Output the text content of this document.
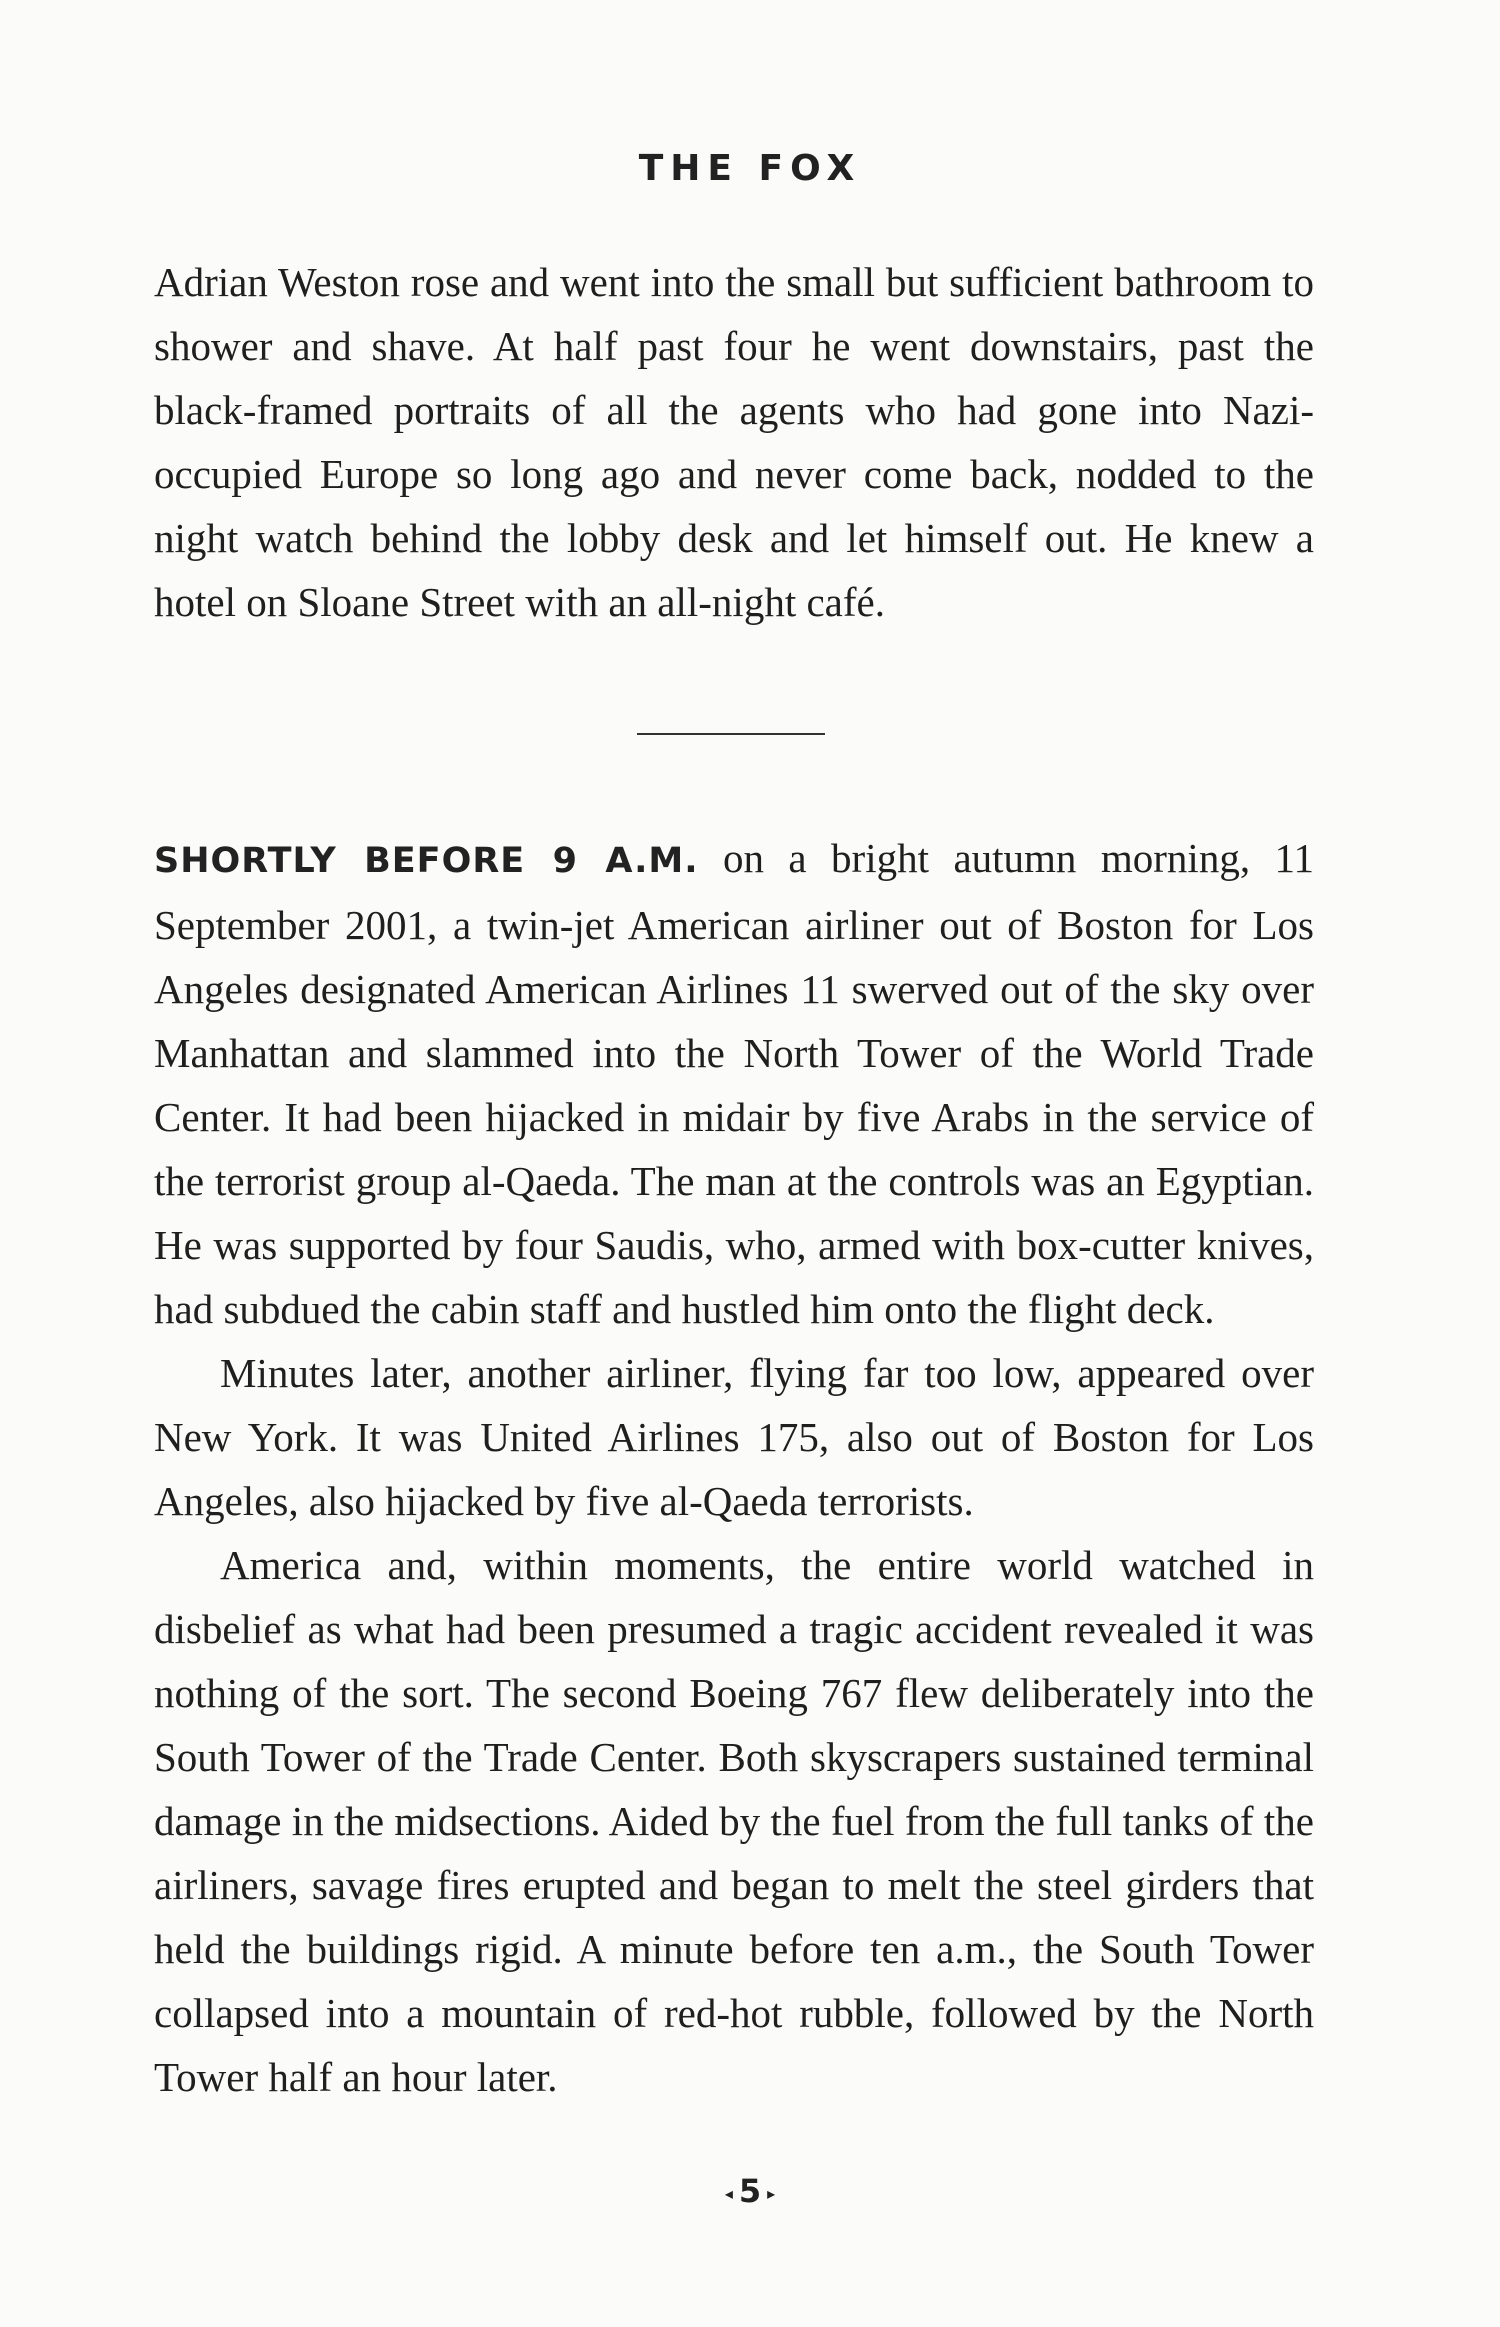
THE FOX

Adrian Weston rose and went into the small but sufficient bathroom to shower and shave. At half past four he went downstairs, past the black-framed portraits of all the agents who had gone into Nazi-occupied Europe so long ago and never come back, nodded to the night watch behind the lobby desk and let himself out. He knew a hotel on Sloane Street with an all-night café.

SHORTLY BEFORE 9 A.M. on a bright autumn morning, 11 September 2001, a twin-jet American airliner out of Boston for Los Angeles designated American Airlines 11 swerved out of the sky over Manhattan and slammed into the North Tower of the World Trade Center. It had been hijacked in midair by five Arabs in the service of the terrorist group al-Qaeda. The man at the controls was an Egyptian. He was supported by four Saudis, who, armed with box-cutter knives, had subdued the cabin staff and hustled him onto the flight deck.

Minutes later, another airliner, flying far too low, appeared over New York. It was United Airlines 175, also out of Boston for Los Angeles, also hijacked by five al-Qaeda terrorists.

America and, within moments, the entire world watched in disbelief as what had been presumed a tragic accident revealed it was nothing of the sort. The second Boeing 767 flew deliberately into the South Tower of the Trade Center. Both skyscrapers sustained terminal damage in the midsections. Aided by the fuel from the full tanks of the airliners, savage fires erupted and began to melt the steel girders that held the buildings rigid. A minute before ten a.m., the South Tower collapsed into a mountain of red-hot rubble, followed by the North Tower half an hour later.

◂ 5 ▸
